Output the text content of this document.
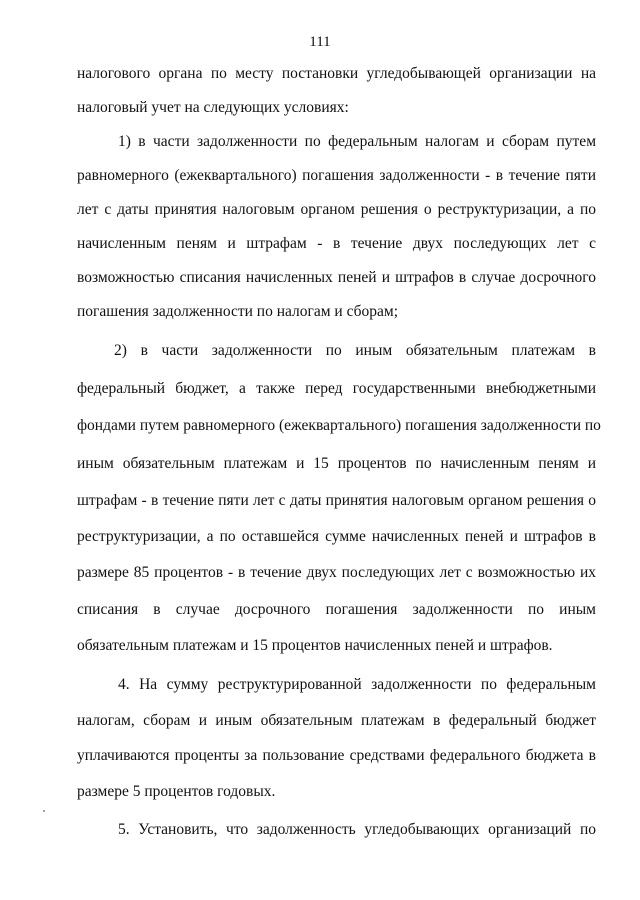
111
налогового органа по месту постановки угледобывающей организации на
налоговый учет на следующих условиях:
1) в части задолженности по федеральным налогам и сборам путем
равномерного (ежеквартального) погашения задолженности - в течение пяти
лет с даты принятия налоговым органом решения о реструктуризации, а по
начисленным пеням и штрафам - в течение двух последующих лет с
возможностью списания начисленных пеней и штрафов в случае досрочного
погашения задолженности по налогам и сборам;
2) в части задолженности по иным обязательным платежам в
федеральный бюджет, а также перед государственными внебюджетными
фондами путем равномерного (ежеквартального) погашения задолженности по
иным обязательным платежам и 15 процентов по начисленным пеням и
штрафам - в течение пяти лет с даты принятия налоговым органом решения о
реструктуризации, а по оставшейся сумме начисленных пеней и штрафов в
размере 85 процентов - в течение двух последующих лет с возможностью их
списания в случае досрочного погашения задолженности по иным
обязательным платежам и 15 процентов начисленных пеней и штрафов.
4. На сумму реструктурированной задолженности по федеральным
налогам, сборам и иным обязательным платежам в федеральный бюджет
уплачиваются проценты за пользование средствами федерального бюджета в
размере 5 процентов годовых.
5. Установить, что задолженность угледобывающих организаций по
